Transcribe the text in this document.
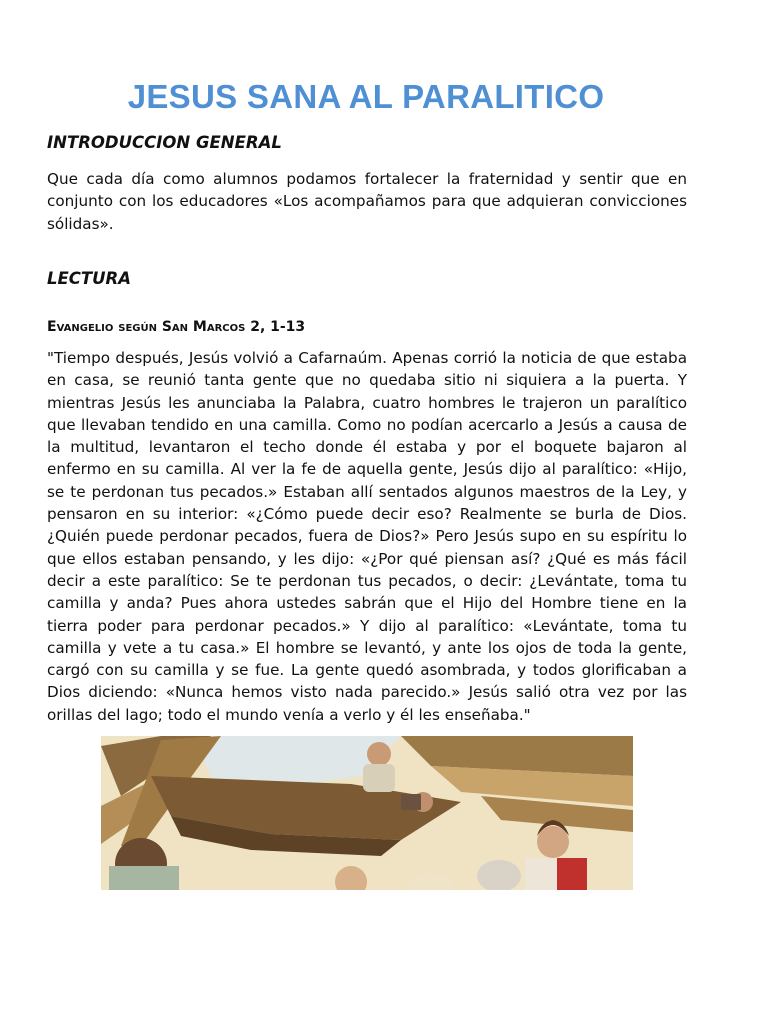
JESUS SANA AL PARALITICO
INTRODUCCION GENERAL
Que cada día como alumnos podamos fortalecer la fraternidad y sentir que en conjunto con los educadores «Los acompañamos para que adquieran convicciones sólidas».
LECTURA
Evangelio según San Marcos 2, 1-13
"Tiempo después, Jesús volvió a Cafarnaúm. Apenas corrió la noticia de que estaba en casa, se reunió tanta gente que no quedaba sitio ni siquiera a la puerta. Y mientras Jesús les anunciaba la Palabra, cuatro hombres le trajeron un paralítico que llevaban tendido en una camilla. Como no podían acercarlo a Jesús a causa de la multitud, levantaron el techo donde él estaba y por el boquete bajaron al enfermo en su camilla. Al ver la fe de aquella gente, Jesús dijo al paralítico: «Hijo, se te perdonan tus pecados.» Estaban allí sentados algunos maestros de la Ley, y pensaron en su interior: «¿Cómo puede decir eso? Realmente se burla de Dios. ¿Quién puede perdonar pecados, fuera de Dios?» Pero Jesús supo en su espíritu lo que ellos estaban pensando, y les dijo: «¿Por qué piensan así? ¿Qué es más fácil decir a este paralítico: Se te perdonan tus pecados, o decir: ¿Levántate, toma tu camilla y anda? Pues ahora ustedes sabrán que el Hijo del Hombre tiene en la tierra poder para perdonar pecados.» Y dijo al paralítico: «Levántate, toma tu camilla y vete a tu casa.» El hombre se levantó, y ante los ojos de toda la gente, cargó con su camilla y se fue. La gente quedó asombrada, y todos glorificaban a Dios diciendo: «Nunca hemos visto nada parecido.» Jesús salió otra vez por las orillas del lago; todo el mundo venía a verlo y él les enseñaba."
